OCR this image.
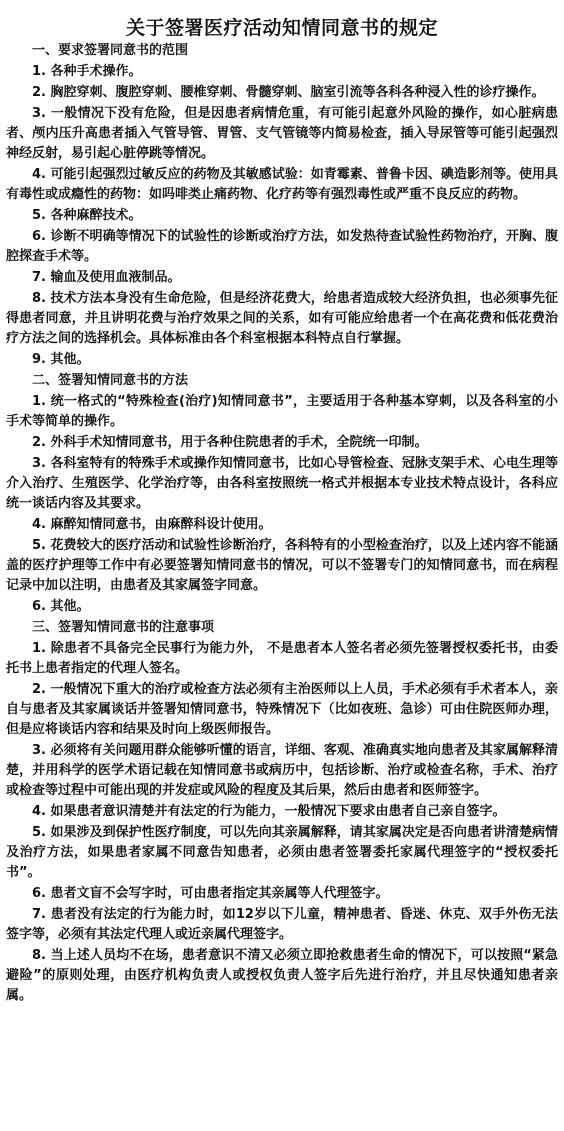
关于签署医疗活动知情同意书的规定
一、要求签署同意书的范围
1. 各种手术操作。
2. 胸腔穿刺、腹腔穿刺、腰椎穿刺、骨髓穿刺、脑室引流等各科各种浸入性的诊疗操作。
3. 一般情况下没有危险，但是因患者病情危重，有可能引起意外风险的操作，如心脏病患者、颅内压升高患者插入气管导管、胃管、支气管镜等内简易检查，插入导尿管等可能引起强烈神经反射，易引起心脏停跳等情况。
4. 可能引起强烈过敏反应的药物及其敏感试验：如青霉素、普鲁卡因、碘造影剂等。使用具有毒性或成瘾性的药物：如吗啡类止痛药物、化疗药等有强烈毒性或严重不良反应的药物。
5. 各种麻醉技术。
6. 诊断不明确等情况下的试验性的诊断或治疗方法，如发热待查试验性药物治疗，开胸、腹腔探查手术等。
7. 输血及使用血液制品。
8. 技术方法本身没有生命危险，但是经济花费大，给患者造成较大经济负担，也必须事先征得患者同意，并且讲明花费与治疗效果之间的关系，如有可能应给患者一个在高花费和低花费治疗方法之间的选择机会。具体标准由各个科室根据本科特点自行掌握。
9. 其他。
二、签署知情同意书的方法
1. 统一格式的“特殊检查(治疗)知情同意书”，主要适用于各种基本穿刺，以及各科室的小手术等简单的操作。
2. 外科手术知情同意书，用于各种住院患者的手术，全院统一印制。
3. 各科室特有的特殊手术或操作知情同意书，比如心导管检查、冠脉支架手术、心电生理等介入治疗、生殖医学、化学治疗等，由各科室按照统一格式并根据本专业技术特点设计，各科应统一谈话内容及其要求。
4. 麻醉知情同意书，由麻醉科设计使用。
5. 花费较大的医疗活动和试验性诊断治疗，各科特有的小型检查治疗，以及上述内容不能涵盖的医疗护理等工作中有必要签署知情同意书的情况，可以不签署专门的知情同意书，而在病程记录中加以注明，由患者及其家属签字同意。
6. 其他。
三、签署知情同意书的注意事项
1. 除患者不具备完全民事行为能力外， 不是患者本人签名者必须先签署授权委托书，由委托书上患者指定的代理人签名。
2. 一般情况下重大的治疗或检查方法必须有主治医师以上人员，手术必须有手术者本人，亲自与患者及其家属谈话并签署知情同意书，特殊情况下（比如夜班、急诊）可由住院医师办理，但是应将谈话内容和结果及时向上级医师报告。
3. 必须将有关问题用群众能够听懂的语言，详细、客观、准确真实地向患者及其家属解释清楚，并用科学的医学术语记载在知情同意书或病历中，包括诊断、治疗或检查名称，手术、治疗或检查等过程中可能出现的并发症或风险的程度及其后果，然后由患者和医师签字。
4. 如果患者意识清楚并有法定的行为能力，一般情况下要求由患者自己亲自签字。
5. 如果涉及到保护性医疗制度，可以先向其亲属解释，请其家属决定是否向患者讲清楚病情及治疗方法，如果患者家属不同意告知患者，必须由患者签署委托家属代理签字的“授权委托书”。
6. 患者文盲不会写字时，可由患者指定其亲属等人代理签字。
7. 患者没有法定的行为能力时，如12岁以下儿童，精神患者、昏迷、休克、双手外伤无法签字等，必须有其法定代理人或近亲属代理签字。
8. 当上述人员均不在场，患者意识不清又必须立即抢救患者生命的情况下，可以按照“紧急避险”的原则处理，由医疗机构负责人或授权负责人签字后先进行治疗，并且尽快通知患者亲属。
